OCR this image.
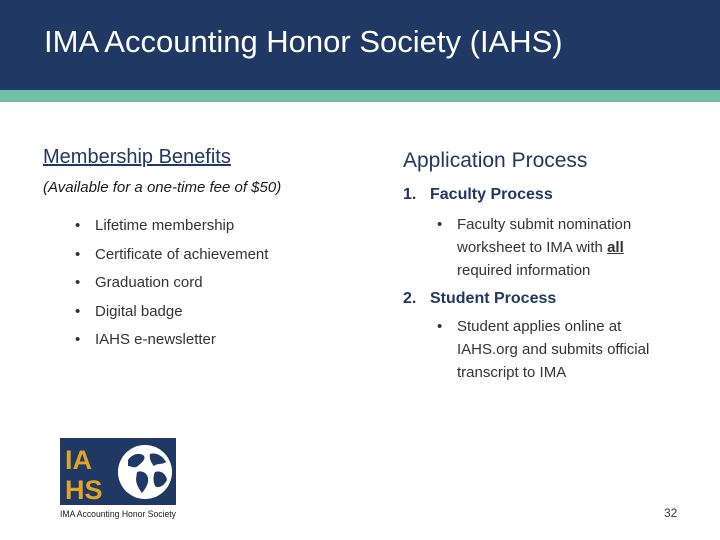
IMA Accounting Honor Society (IAHS)
Membership Benefits
(Available for a one-time fee of $50)
• Lifetime membership
• Certificate of achievement
• Graduation cord
• Digital badge
• IAHS e-newsletter
Application Process
1. Faculty Process
• Faculty submit nomination worksheet to IMA with all required information
2. Student Process
• Student applies online at IAHS.org and submits official transcript to IMA
IA
HS
IMA Accounting Honor Society	32
